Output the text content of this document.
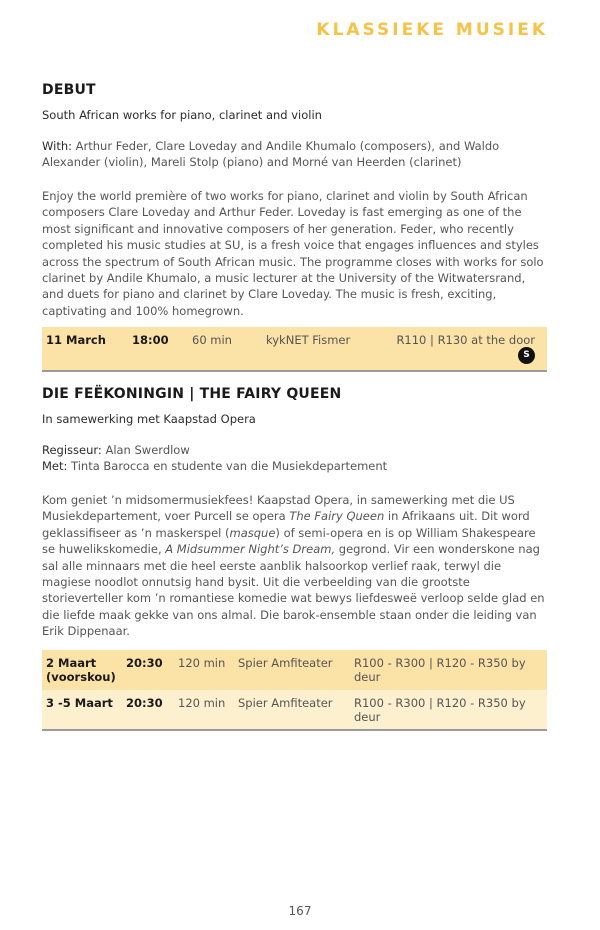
KLASSIEKE MUSIEK
DEBUT

South African works for piano, clarinet and violin

With: Arthur Feder, Clare Loveday and Andile Khumalo (composers), and Waldo Alexander (violin), Mareli Stolp (piano) and Morné van Heerden (clarinet)

Enjoy the world première of two works for piano, clarinet and violin by South African composers Clare Loveday and Arthur Feder. Loveday is fast emerging as one of the most significant and innovative composers of her generation. Feder, who recently completed his music studies at SU, is a fresh voice that engages influences and styles across the spectrum of South African music. The programme closes with works for solo clarinet by Andile Khumalo, a music lecturer at the University of the Witwatersrand, and duets for piano and clarinet by Clare Loveday. The music is fresh, exciting, captivating and 100% homegrown.

11 March	18:00	60 min	kykNET Fismer	R110 | R130 at the doorS
DIE FEËKONINGIN | THE FAIRY QUEEN

In samewerking met Kaapstad Opera

Regisseur: Alan Swerdlow
Met: Tinta Barocca en studente van die Musiekdepartement

Kom geniet ’n midsomermusiekfees! Kaapstad Opera, in samewerking met die US Musiekdepartement, voer Purcell se opera The Fairy Queen in Afrikaans uit. Dit word geklassifiseer as ’n maskerspel (masque) of semi-opera en is op William Shakespeare se huwelikskomedie, A Midsummer Night’s Dream, gegrond. Vir een wonderskone nag sal alle minnaars met die heel eerste aanblik halsoorkop verlief raak, terwyl die magiese noodlot onnutsig hand bysit. Uit die verbeelding van die grootste storieverteller kom ’n romantiese komedie wat bewys liefdesweë verloop selde glad en die liefde maak gekke van ons almal. Die barok-ensemble staan onder die leiding van Erik Dippenaar.

2 Maart (voorskou)	20:30	120 min	Spier Amfiteater	R100 - R300 | R120 - R350 by deur
3 -5 Maart	20:30	120 min	Spier Amfiteater	R100 - R300 | R120 - R350 by deur
167
